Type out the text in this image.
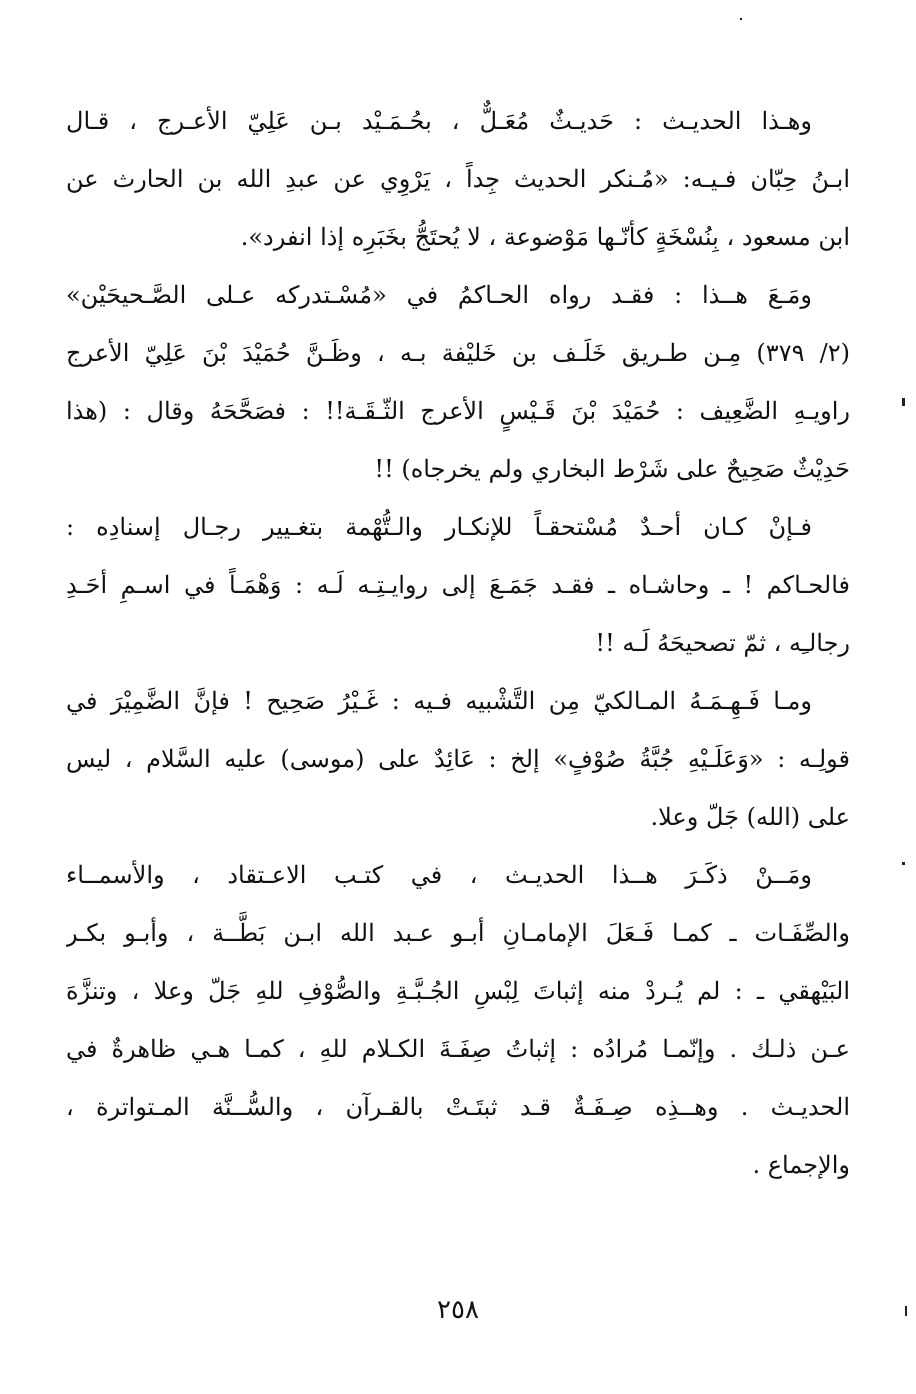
وهـذا الحديـث : حَديـثٌ مُعَـلٌّ ، بحُـمَـيْد بـن عَلِيّ الأعـرج ، قـال
ابـنُ حِبّان فـيـه: «مُـنكر الحديث جِداً ، يَرْوِي عن عبدِ الله بن الحارث عن
ابن مسعود ، بِنُسْخَةٍ كأنّـها مَوْضوعة ، لا يُحتَجُّ بخَبَرِه إذا انفرد».
ومَـعَ هــذا : فقـد رواه الحـاكمُ في «مُسْـتدركه عـلى الصَّـحيحَيْن»
(٢/ ٣٧٩) مِـن طـريق خَلَـف بن خَليْفة بـه ، وظَـنَّ حُمَيْدَ بْنَ عَلِيّ الأعرج
راويـهِ الضَّعِيف : حُمَيْدَ بْنَ قَـيْسٍ الأعرج الثّـقَـة!! : فصَحَّحَهُ وقال : (هذا
حَدِيْثٌ صَحِيحٌ على شَرْط البخاري ولم يخرجاه) !!
فـإنْ كـان أحـدٌ مُسْتحقـاً للإنكـار والـتُّهْمة بتغـيير رجـال إسنادِه :
فالحـاكم ! ـ وحاشـاه ـ فقـد جَمَـعَ إلى روايـتِـه لَـه : وَهْمَـاً في اسـمِ أحَـدِ
رجالـِه ، ثمّ تصحيحَهُ لَـه !!
ومـا فَـهِـمَـهُ المـالكيّ مِن التَّشْبيه فـيه : غَـيْرُ صَحِيح ! فإنَّ الضَّمِيْرَ في
قولِـه : «وَعَلَـيْهِ جُبَّةُ صُوْفٍ» إلخ : عَائِدٌ على (موسى) عليه السَّلام ، ليس
على (الله) جَلّ وعلا.
ومَــنْ ذكَـرَ هــذا الحديـث ، في كتـب الاعـتقاد ، والأسمــاء
والصِّفَـات ـ كمـا فَـعَلَ الإمامـانِ أبـو عـبد الله ابـن بَطَّــة ، وأبـو بكـر
البَيْهقي ـ : لم يُـردْ منه إثباتَ لِبْسِ الجُـبَّـةِ والصُّوْفِ للهِ جَلّ وعلا ، وتنزَّهَ
عـن ذلـك . وإنّمـا مُرادُه : إثباتُ صِفَـةَ الكـلام للهِ ، كمـا هـي ظاهرةٌ في
الحديـث . وهــذِه صِـفَـةٌ قـد ثبتَـتْ بالقـرآن ، والسُّــنَّة المـتواترة ،
والإجماع .
٢٥٨
